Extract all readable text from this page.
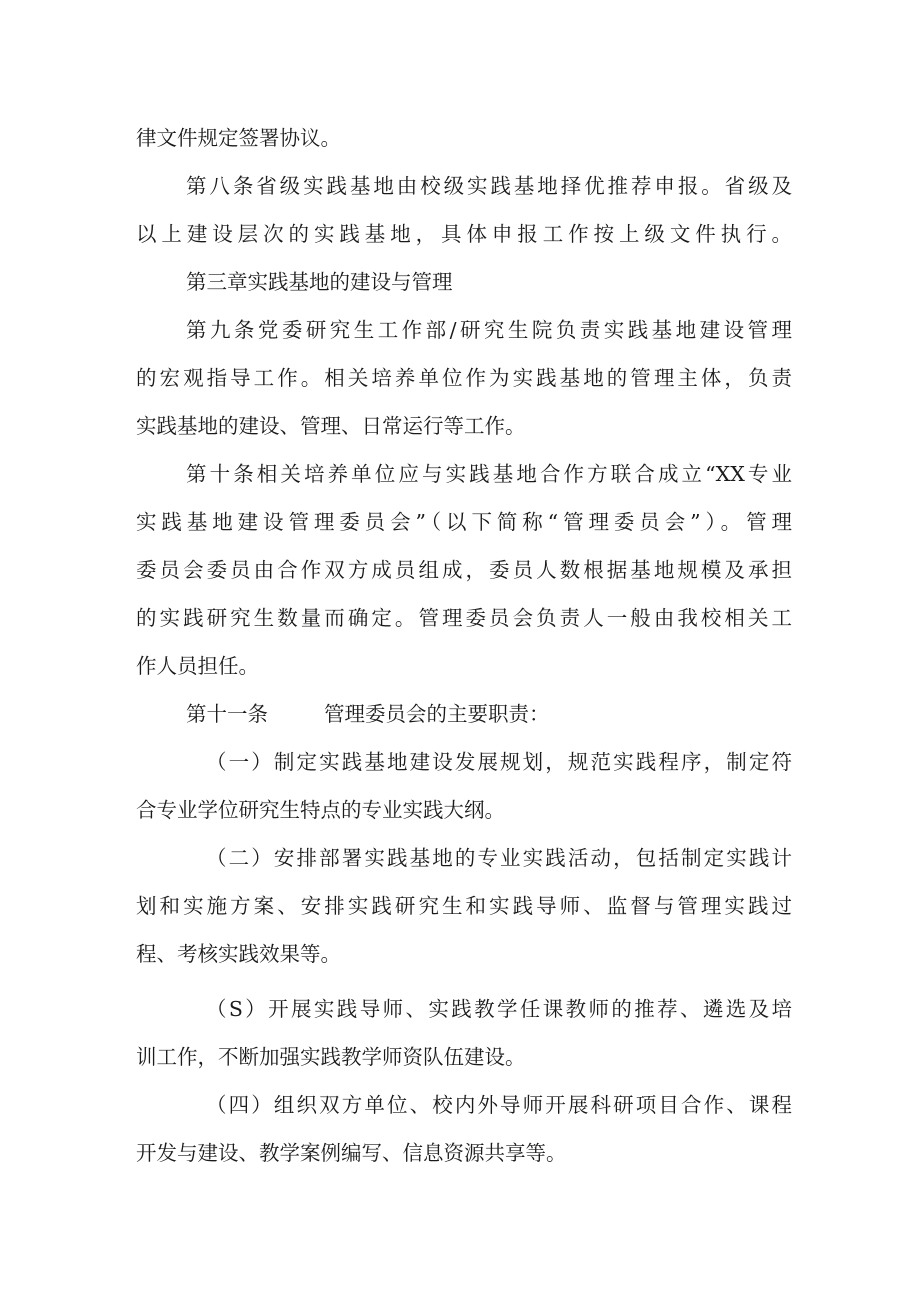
律文件规定签署协议。
第八条省级实践基地由校级实践基地择优推荐申报。省级及
以上建设层次的实践基地，具体申报工作按上级文件执行。
第三章实践基地的建设与管理
第九条党委研究生工作部/研究生院负责实践基地建设管理
的宏观指导工作。相关培养单位作为实践基地的管理主体，负责
实践基地的建设、管理、日常运行等工作。
第十条相关培养单位应与实践基地合作方联合成立“XX专业
实践基地建设管理委员会”（以下简称“管理委员会”）。管理
委员会委员由合作双方成员组成，委员人数根据基地规模及承担
的实践研究生数量而确定。管理委员会负责人一般由我校相关工
作人员担任。
第十一条	管理委员会的主要职责：
（一）制定实践基地建设发展规划，规范实践程序，制定符
合专业学位研究生特点的专业实践大纲。
（二）安排部署实践基地的专业实践活动，包括制定实践计
划和实施方案、安排实践研究生和实践导师、监督与管理实践过
程、考核实践效果等。
（S）开展实践导师、实践教学任课教师的推荐、遴选及培
训工作，不断加强实践教学师资队伍建设。
（四）组织双方单位、校内外导师开展科研项目合作、课程
开发与建设、教学案例编写、信息资源共享等。
